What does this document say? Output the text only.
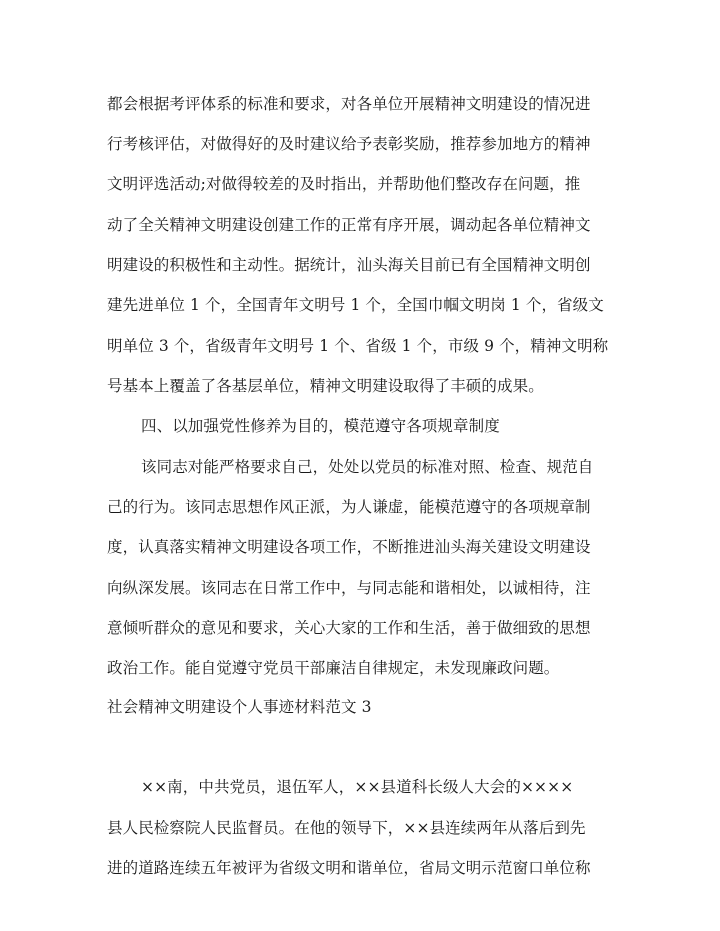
都会根据考评体系的标准和要求，对各单位开展精神文明建设的情况进
行考核评估，对做得好的及时建议给予表彰奖励，推荐参加地方的精神
文明评选活动;对做得较差的及时指出，并帮助他们整改存在问题，推
动了全关精神文明建设创建工作的正常有序开展，调动起各单位精神文
明建设的积极性和主动性。据统计，汕头海关目前已有全国精神文明创
建先进单位 1 个，全国青年文明号 1 个，全国巾帼文明岗 1 个，省级文
明单位 3 个，省级青年文明号 1 个、省级 1 个，市级 9 个，精神文明称
号基本上覆盖了各基层单位，精神文明建设取得了丰硕的成果。
四、以加强党性修养为目的，模范遵守各项规章制度
该同志对能严格要求自己，处处以党员的标准对照、检查、规范自
己的行为。该同志思想作风正派，为人谦虚，能模范遵守的各项规章制
度，认真落实精神文明建设各项工作，不断推进汕头海关建设文明建设
向纵深发展。该同志在日常工作中，与同志能和谐相处，以诚相待，注
意倾听群众的意见和要求，关心大家的工作和生活，善于做细致的思想
政治工作。能自觉遵守党员干部廉洁自律规定，未发现廉政问题。
社会精神文明建设个人事迹材料范文 3
××南，中共党员，退伍军人，××县道科长级人大会的××××
县人民检察院人民监督员。在他的领导下，××县连续两年从落后到先
进的道路连续五年被评为省级文明和谐单位，省局文明示范窗口单位称
